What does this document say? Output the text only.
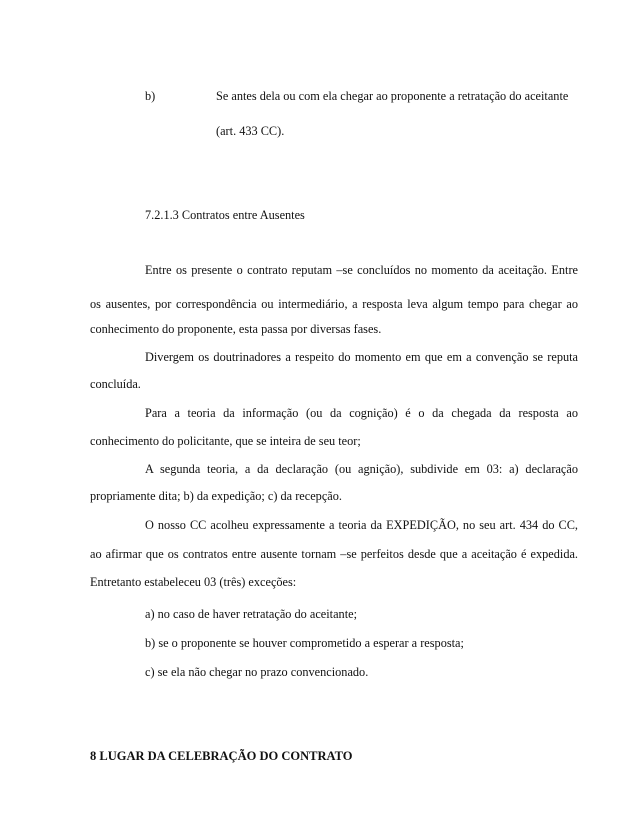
b)	Se antes dela ou com ela chegar ao proponente a retratação do aceitante
(art. 433 CC).
7.2.1.3 Contratos entre Ausentes
Entre os presente o contrato reputam –se concluídos no momento da aceitação. Entre
os ausentes, por correspondência ou intermediário, a resposta leva algum tempo para chegar ao
conhecimento do proponente, esta passa por diversas fases.
Divergem os doutrinadores a respeito do momento em que em a convenção se reputa
concluída.
Para a teoria da informação (ou da cognição) é o da chegada da resposta ao
conhecimento do policitante, que se inteira de seu teor;
A segunda teoria, a da declaração (ou agnição), subdivide em 03: a) declaração
propriamente dita; b) da expedição; c) da recepção.
O nosso CC acolheu expressamente a teoria da EXPEDIÇÃO, no seu art. 434 do CC,
ao afirmar que os contratos entre ausente tornam –se perfeitos desde que a aceitação é expedida.
Entretanto estabeleceu 03 (três) exceções:
a) no caso de haver retratação do aceitante;
b) se o proponente se houver comprometido a esperar a resposta;
c) se ela não chegar no prazo convencionado.
8 LUGAR DA CELEBRAÇÃO DO CONTRATO
